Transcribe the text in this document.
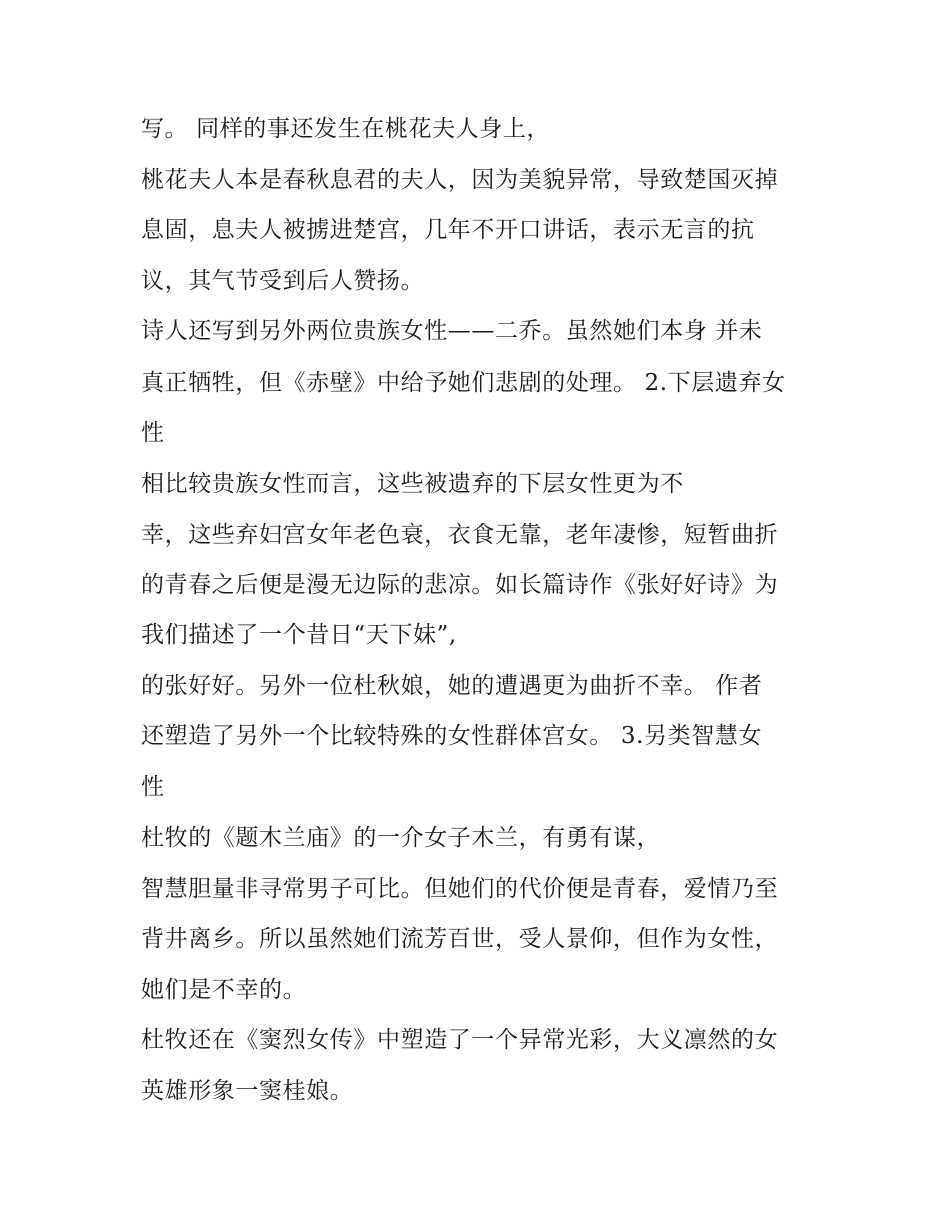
写。 同样的事还发生在桃花夫人身上，

桃花夫人本是春秋息君的夫人，因为美貌异常，导致楚国灭掉

息固，息夫人被掳进楚宫，几年不开口讲话，表示无言的抗

议，其气节受到后人赞扬。

诗人还写到另外两位贵族女性——二乔。虽然她们本身 并未

真正牺牲，但《赤壁》中给予她们悲剧的处理。 2.下层遗弃女

性

相比较贵族女性而言，这些被遗弃的下层女性更为不

幸，这些弃妇宫女年老色衰，衣食无靠，老年凄惨，短暂曲折

的青春之后便是漫无边际的悲凉。如长篇诗作《张好好诗》为

我们描述了一个昔日“天下妹”,

的张好好。另外一位杜秋娘，她的遭遇更为曲折不幸。 作者

还塑造了另外一个比较特殊的女性群体宫女。 3.另类智慧女

性

杜牧的《题木兰庙》的一介女子木兰，有勇有谋，

智慧胆量非寻常男子可比。但她们的代价便是青春，爱情乃至

背井离乡。所以虽然她们流芳百世，受人景仰，但作为女性，

她们是不幸的。

杜牧还在《窦烈女传》中塑造了一个异常光彩，大义凛然的女

英雄形象一窦桂娘。
